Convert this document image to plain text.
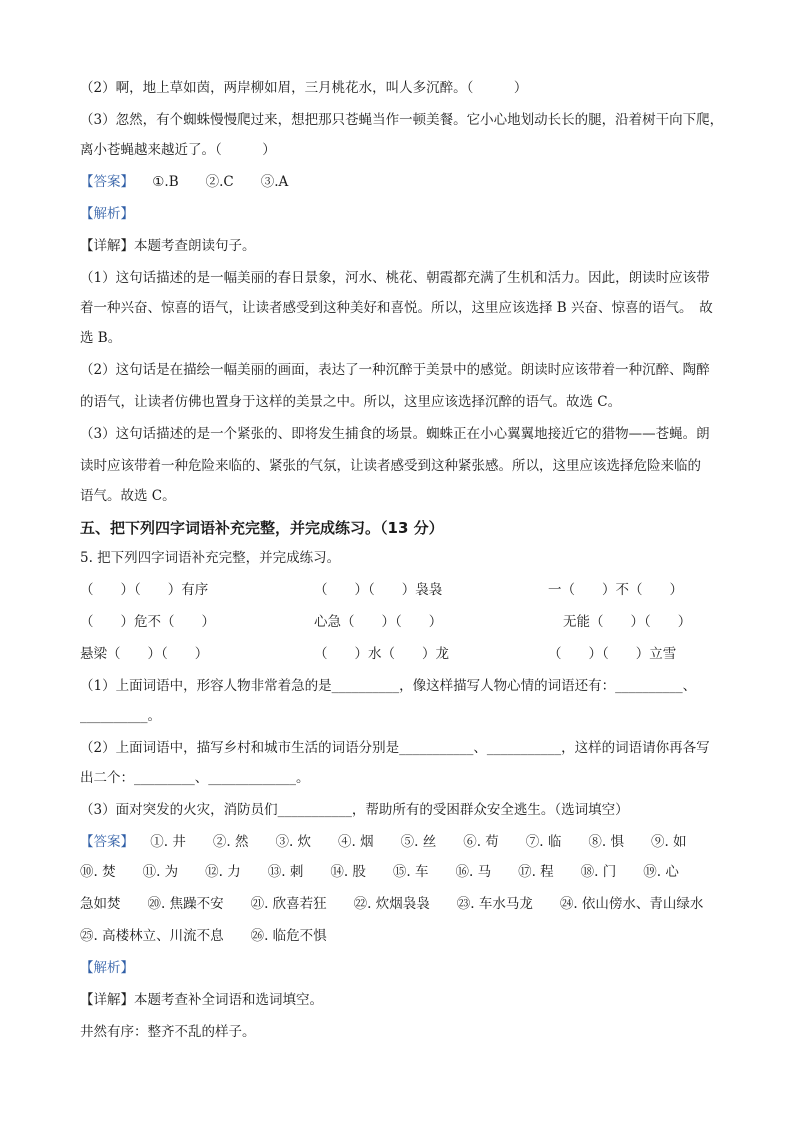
（2）啊，地上草如茵，两岸柳如眉，三月桃花水，叫人多沉醉。（　　　）
（3）忽然，有个蜘蛛慢慢爬过来，想把那只苍蝇当作一顿美餐。它小心地划动长长的腿，沿着树干向下爬，
离小苍蝇越来越近了。（　　　）
【答案】 ①.B　　②.C　　③.A
【解析】
【详解】本题考查朗读句子。
（1）这句话描述的是一幅美丽的春日景象，河水、桃花、朝霞都充满了生机和活力。因此，朗读时应该带
着一种兴奋、惊喜的语气，让读者感受到这种美好和喜悦。所以，这里应该选择 B 兴奋、惊喜的语气。　故
选 B。
（2）这句话是在描绘一幅美丽的画面，表达了一种沉醉于美景中的感觉。朗读时应该带着一种沉醉、陶醉
的语气，让读者仿佛也置身于这样的美景之中。所以，这里应该选择沉醉的语气。故选 C。
（3）这句话描述的是一个紧张的、即将发生捕食的场景。蜘蛛正在小心翼翼地接近它的猎物——苍蝇。朗
读时应该带着一种危险来临的、紧张的气氛，让读者感受到这种紧张感。所以，这里应该选择危险来临的
语气。故选 C。
五、把下列四字词语补充完整，并完成练习。（13 分）
5. 把下列四字词语补充完整，并完成练习。
（　　）（　　）有序	（　　）（　　）袅袅	一（　　）不（　　）
（　　）危不（　　）	心急（　　）（　　）	无能（　　）（　　）
悬梁（　　）（　　）	（　　）水（　　）龙	（　　）（　　）立雪
（1）上面词语中，形容人物非常着急的是__________，像这样描写人物心情的词语还有：__________、
__________。
（2）上面词语中，描写乡村和城市生活的词语分别是___________、___________，这样的词语请你再各写
出二个：_________、_____________。
（3）面对突发的火灾，消防员们___________，帮助所有的受困群众安全逃生。（选词填空）
【答案】 ①. 井　　②. 然　　③. 炊　　④. 烟　　⑤. 丝　　⑥. 苟　　⑦. 临　　⑧. 惧　　⑨. 如
⑩. 焚　　⑪. 为　　⑫. 力　　⑬. 刺　　⑭. 股　　⑮. 车　　⑯. 马　　⑰. 程　　⑱. 门　　⑲. 心
急如焚　　⑳. 焦躁不安　　㉑. 欣喜若狂　　㉒. 炊烟袅袅　　㉓. 车水马龙　　㉔. 依山傍水、青山绿水
㉕. 高楼林立、川流不息　　㉖. 临危不惧
【解析】
【详解】本题考查补全词语和选词填空。
井然有序：整齐不乱的样子。
